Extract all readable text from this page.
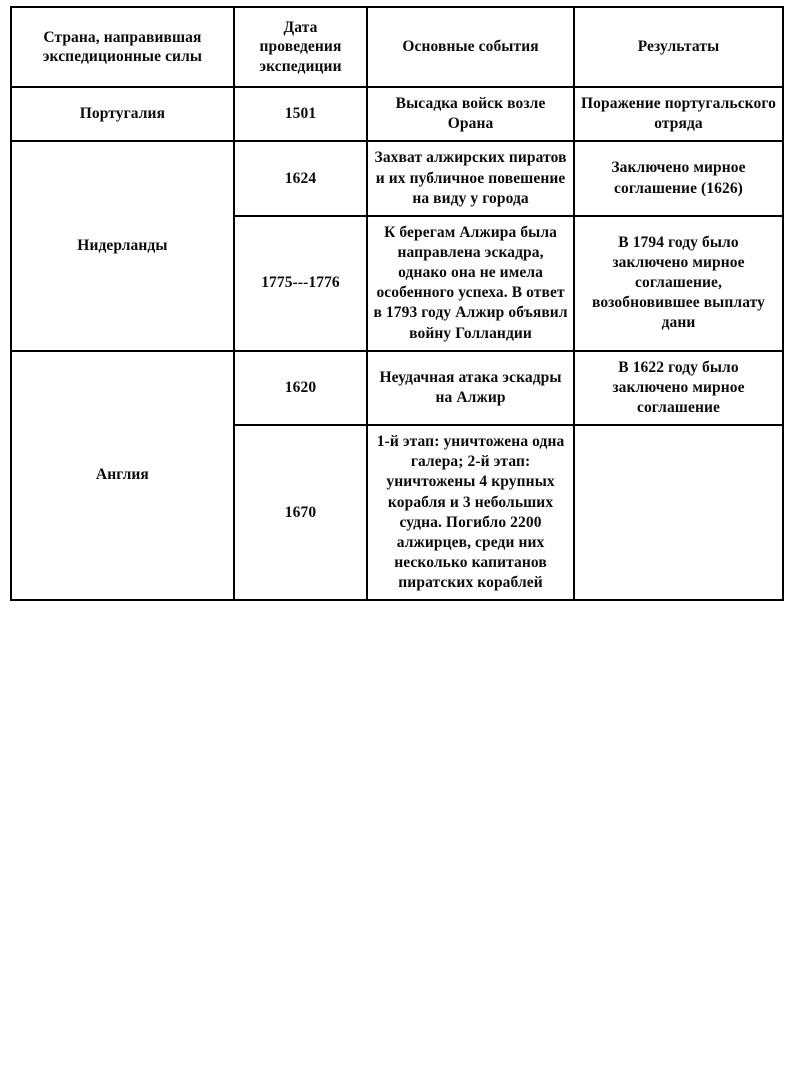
Страна, направившая экспедиционные силы	Дата проведения экспедиции	Основные события	Результаты
Португалия	1501	Высадка войск возле Орана	Поражение португальского отряда
Нидерланды	1624	Захват алжирских пиратов и их публичное повешение на виду у города	Заключено мирное соглашение (1626)
	1775---1776	К берегам Алжира была направлена эскадра, однако она не имела особенного успеха. В ответ в 1793 году Алжир объявил войну Голландии	В 1794 году было заключено мирное соглашение, возобновившее выплату дани
Англия	1620	Неудачная атака эскадры на Алжир	В 1622 году было заключено мирное соглашение
	1670	1-й этап: уничтожена одна галера; 2-й этап: уничтожены 4 крупных корабля и 3 небольших судна. Погибло 2200 алжирцев, среди них несколько капитанов пиратских кораблей	
